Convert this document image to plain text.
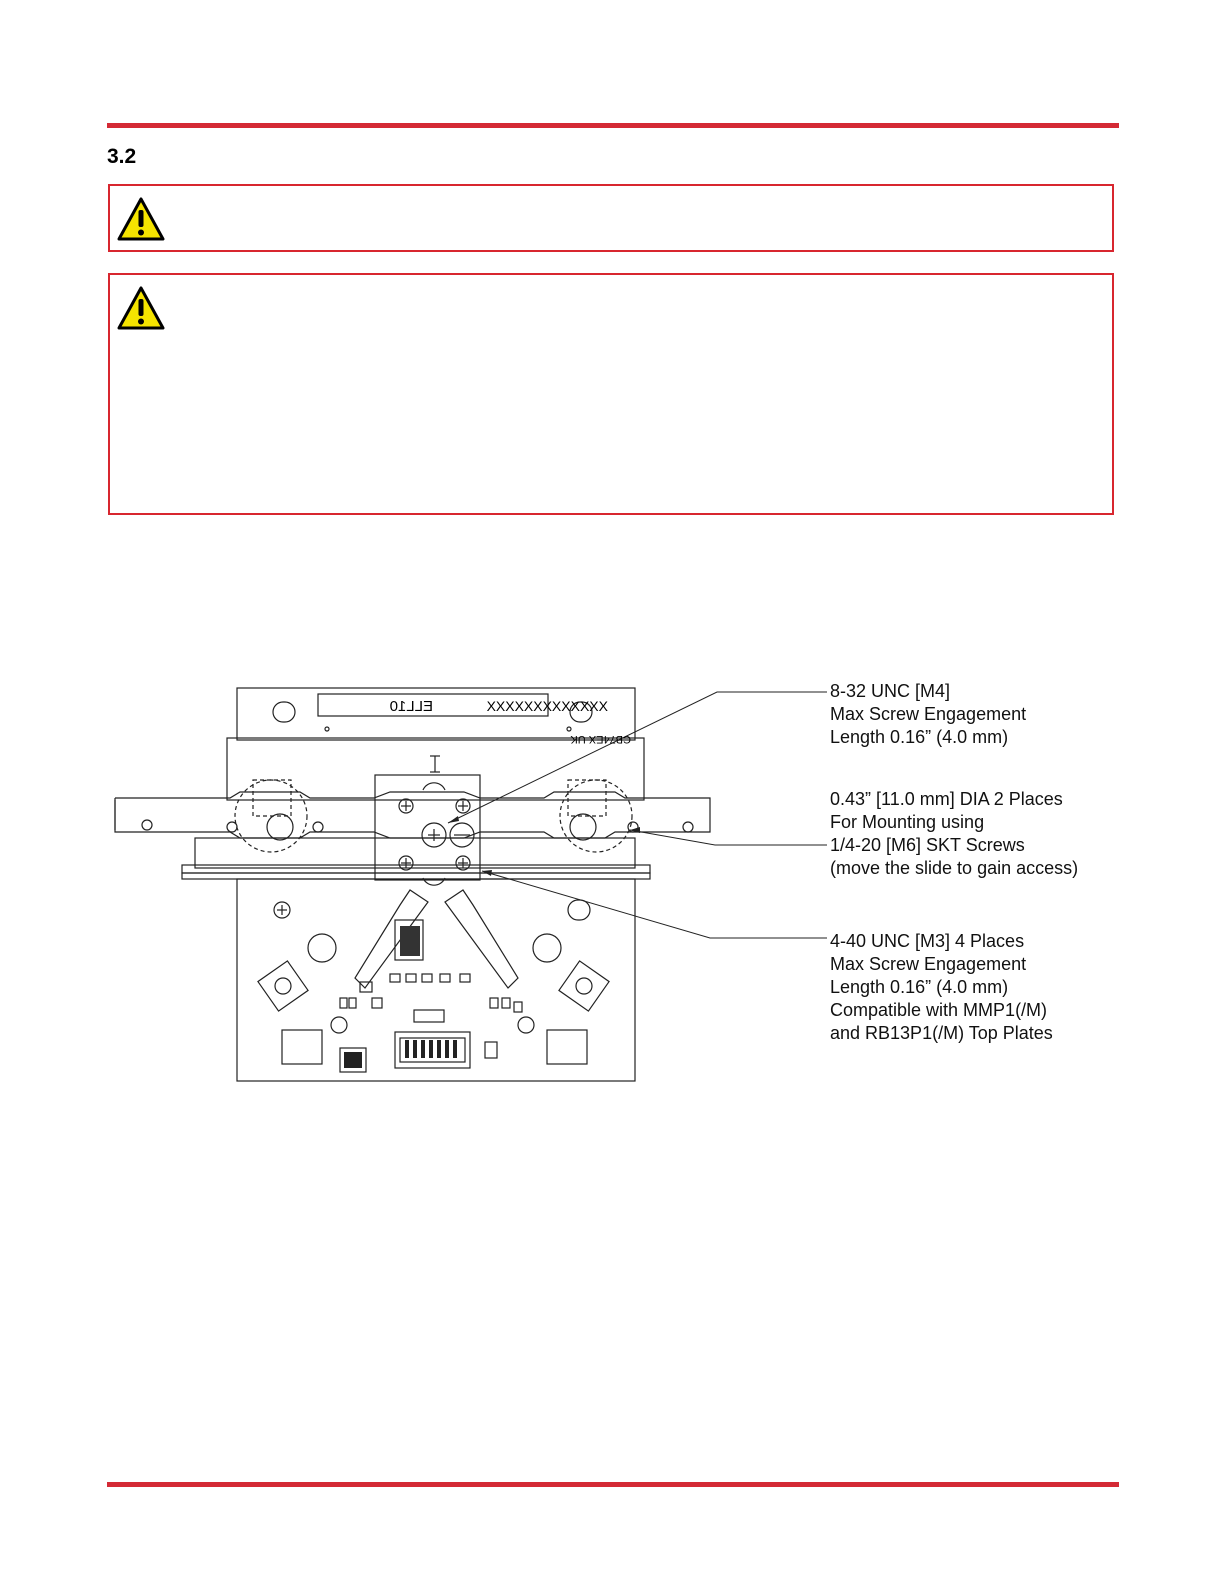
3.2
ELL10	XXXXXXXXXXXXX
CB74EX UK
8-32 UNC [M4]
Max Screw Engagement
Length 0.16” (4.0 mm)
0.43” [11.0 mm] DIA 2 Places
For Mounting using
1/4-20 [M6] SKT Screws
(move the slide to gain access)
4-40 UNC [M3] 4 Places
Max Screw Engagement
Length 0.16” (4.0 mm)
Compatible with MMP1(/M)
and RB13P1(/M) Top Plates
